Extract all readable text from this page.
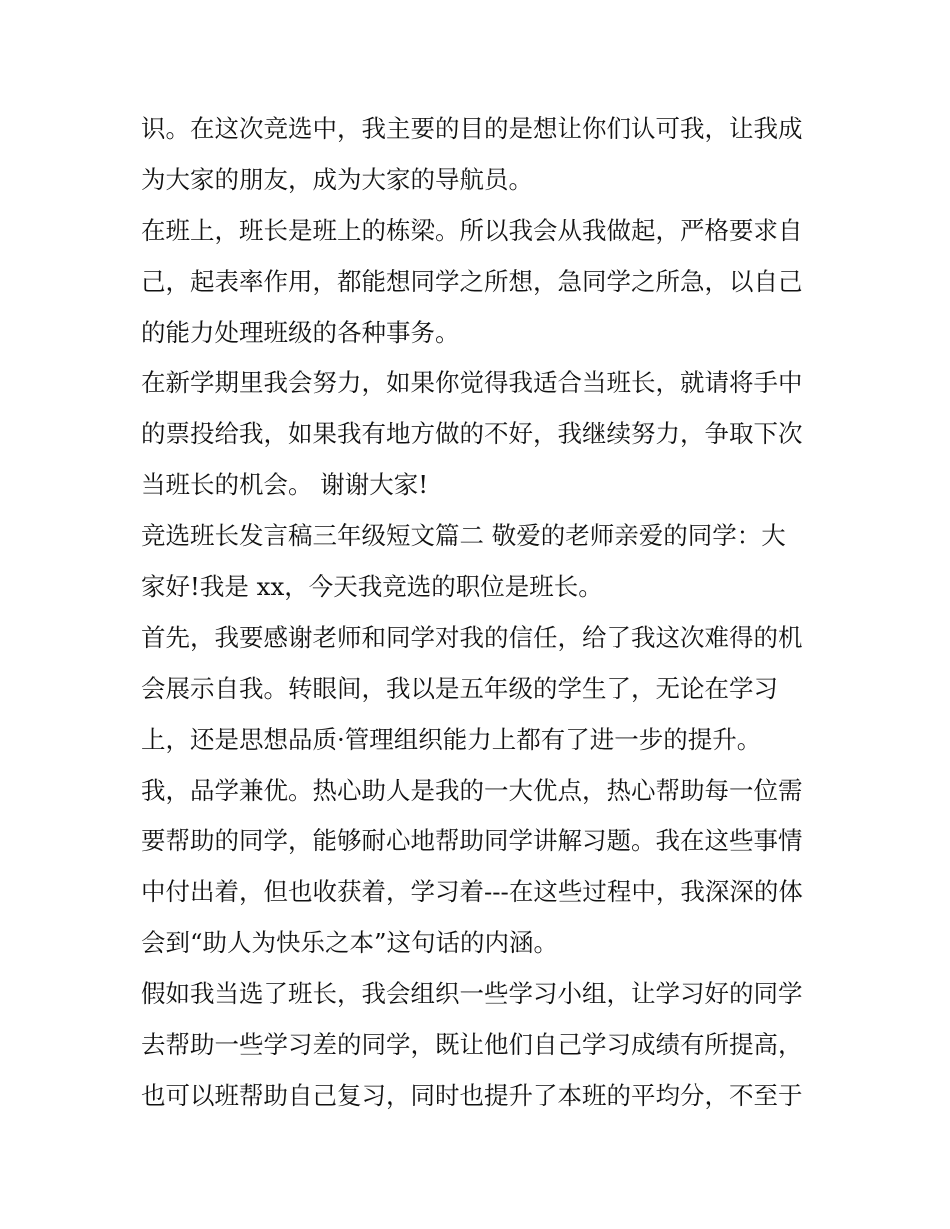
识。在这次竞选中，我主要的目的是想让你们认可我，让我成

为大家的朋友，成为大家的导航员。

在班上，班长是班上的栋梁。所以我会从我做起，严格要求自

己，起表率作用，都能想同学之所想，急同学之所急，以自己

的能力处理班级的各种事务。

在新学期里我会努力，如果你觉得我适合当班长，就请将手中

的票投给我，如果我有地方做的不好，我继续努力，争取下次

当班长的机会。 谢谢大家!

竞选班长发言稿三年级短文篇二 敬爱的老师亲爱的同学：大

家好!我是 xx，今天我竞选的职位是班长。

首先，我要感谢老师和同学对我的信任，给了我这次难得的机

会展示自我。转眼间，我以是五年级的学生了，无论在学习

上，还是思想品质·管理组织能力上都有了进一步的提升。

我，品学兼优。热心助人是我的一大优点，热心帮助每一位需

要帮助的同学，能够耐心地帮助同学讲解习题。我在这些事情

中付出着，但也收获着，学习着---在这些过程中，我深深的体

会到“助人为快乐之本”这句话的内涵。

假如我当选了班长，我会组织一些学习小组，让学习好的同学

去帮助一些学习差的同学，既让他们自己学习成绩有所提高，

也可以班帮助自己复习，同时也提升了本班的平均分，不至于
